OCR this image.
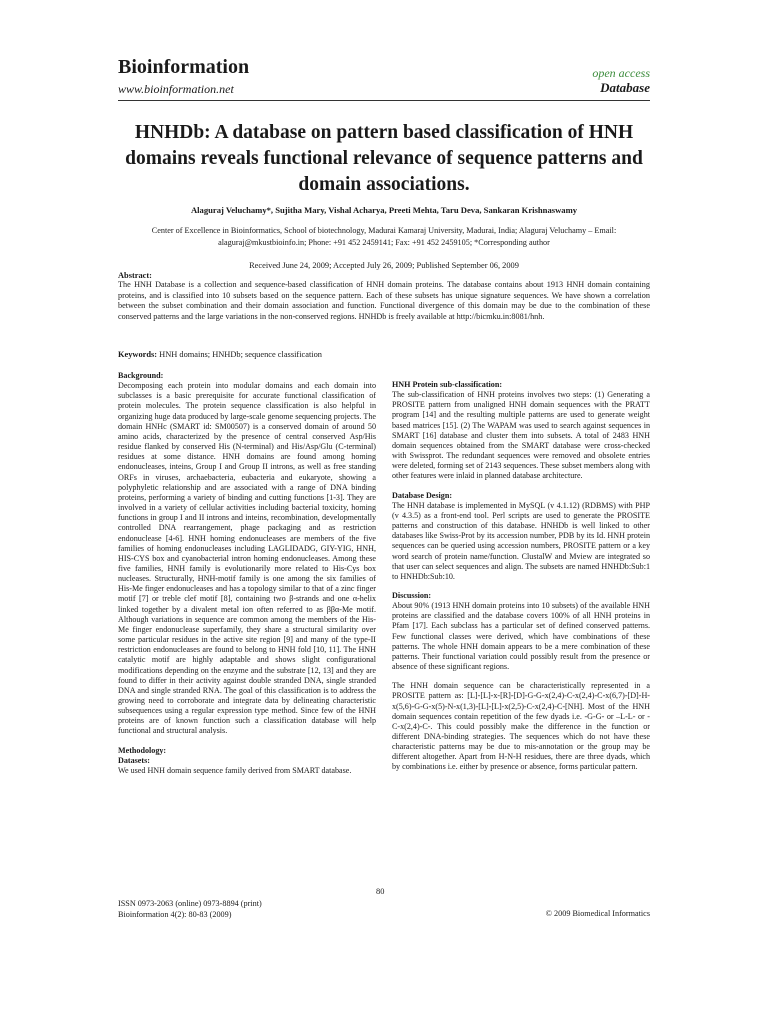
Bioinformation
www.bioinformation.net
open access
Database
HNHDb: A database on pattern based classification of HNH domains reveals functional relevance of sequence patterns and domain associations.
Alaguraj Veluchamy*, Sujitha Mary, Vishal Acharya, Preeti Mehta, Taru Deva, Sankaran Krishnaswamy
Center of Excellence in Bioinformatics, School of biotechnology, Madurai Kamaraj University, Madurai, India; Alaguraj Veluchamy – Email: alaguraj@mkustbioinfo.in; Phone: +91 452 2459141; Fax: +91 452 2459105; *Corresponding author
Received June 24, 2009; Accepted July 26, 2009; Published September 06, 2009
Abstract:
The HNH Database is a collection and sequence-based classification of HNH domain proteins. The database contains about 1913 HNH domain containing proteins, and is classified into 10 subsets based on the sequence pattern. Each of these subsets has unique signature sequences. We have shown a correlation between the subset combination and their domain association and function. Functional divergence of this domain may be due to the combination of these conserved patterns and the large variations in the non-conserved regions. HNHDb is freely available at http://bicmku.in:8081/hnh.
Keywords: HNH domains; HNHDb; sequence classification
Background:

Decomposing each protein into modular domains and each domain into subclasses is a basic prerequisite for accurate functional classification of protein molecules. The protein sequence classification is also helpful in organizing huge data produced by large-scale genome sequencing projects. The domain HNHc (SMART id: SM00507) is a conserved domain of around 50 amino acids, characterized by the presence of central conserved Asp/His residue flanked by conserved His (N-terminal) and His/Asp/Glu (C-terminal) residues at some distance. HNH domains are found among homing endonucleases, inteins, Group I and Group II introns, as well as free standing ORFs in viruses, archaebacteria, eubacteria and eukaryote, showing a polyphyletic relationship and are associated with a range of DNA binding proteins, performing a variety of binding and cutting functions [1-3]. They are involved in a variety of cellular activities including bacterial toxicity, homing functions in group I and II introns and inteins, recombination, developmentally controlled DNA rearrangement, phage packaging and as restriction endonuclease [4-6]. HNH homing endonucleases are members of the five families of homing endonucleases including LAGLIDADG, GIY-YIG, HNH, HIS-CYS box and cyanobacterial intron homing endonucleases. Among these five families, HNH family is evolutionarily more related to His-Cys box nucleases. Structurally, HNH-motif family is one among the six families of His-Me finger endonucleases and has a topology similar to that of a zinc finger motif [7] or treble clef motif [8], containing two β-strands and one α-helix linked together by a divalent metal ion often referred to as ββα-Me motif. Although variations in sequence are common among the members of the His-Me finger endonuclease superfamily, they share a structural similarity over some particular residues in the active site region [9] and many of the type-II restriction endonucleases are found to belong to HNH fold [10, 11]. The HNH catalytic motif are highly adaptable and shows slight configurational modifications depending on the enzyme and the substrate [12, 13] and they are found to differ in their activity against double stranded DNA, single stranded DNA and single stranded RNA. The goal of this classification is to address the growing need to corroborate and integrate data by delineating characteristic subsequences using a regular expression type method. Since few of the HNH proteins are of known function such a classification database will help functional and structural analysis.

Methodology:
Datasets:

We used HNH domain sequence family derived from SMART database.

HNH Protein sub-classification:

The sub-classification of HNH proteins involves two steps: (1) Generating a PROSITE pattern from unaligned HNH domain sequences with the PRATT program [14] and the resulting multiple patterns are used to generate weight based matrices [15]. (2) The WAPAM was used to search against sequences in SMART [16] database and cluster them into subsets. A total of 2483 HNH domain sequences obtained from the SMART database were cross-checked with Swissprot. The redundant sequences were removed and obsolete entries were deleted, forming set of 2143 sequences. These subset members along with other features were inlaid in planned database architecture.

Database Design:

The HNH database is implemented in MySQL (v 4.1.12) (RDBMS) with PHP (v 4.3.5) as a front-end tool. Perl scripts are used to generate the PROSITE patterns and construction of this database. HNHDb is well linked to other databases like Swiss-Prot by its accession number, PDB by its Id. HNH protein sequences can be queried using accession numbers, PROSITE pattern or a key word search of protein name/function. ClustalW and Mview are integrated so that user can select sequences and align. The subsets are named HNHDb:Sub:1 to HNHDb:Sub:10.

Discussion:

About 90% (1913 HNH domain proteins into 10 subsets) of the available HNH proteins are classified and the database covers 100% of all HNH proteins in Pfam [17]. Each subclass has a particular set of defined conserved patterns. Few functional classes were derived, which have combinations of these patterns. The whole HNH domain appears to be a mere combination of these patterns. Their functional variation could possibly result from the presence or absence of these significant regions.

The HNH domain sequence can be characteristically represented in a PROSITE pattern as: [L]-[L]-x-[R]-[D]-G-G-x(2,4)-C-x(2,4)-C-x(6,7)-[D]-H-x(5,6)-G-G-x(5)-N-x(1,3)-[L]-[L]-x(2,5)-C-x(2,4)-C-[NH]. Most of the HNH domain sequences contain repetition of the few dyads i.e. -G-G- or –L-L- or -C-x(2,4)-C-. This could possibly make the difference in the function or different DNA-binding strategies. The sequences which do not have these characteristic patterns may be due to mis-annotation or the group may be different altogether. Apart from H-N-H residues, there are three dyads, which by combinations i.e. either by presence or absence, forms particular pattern.

80
ISSN 0973-2063 (online) 0973-8894 (print)
Bioinformation 4(2): 80-83 (2009)	© 2009 Biomedical Informatics
